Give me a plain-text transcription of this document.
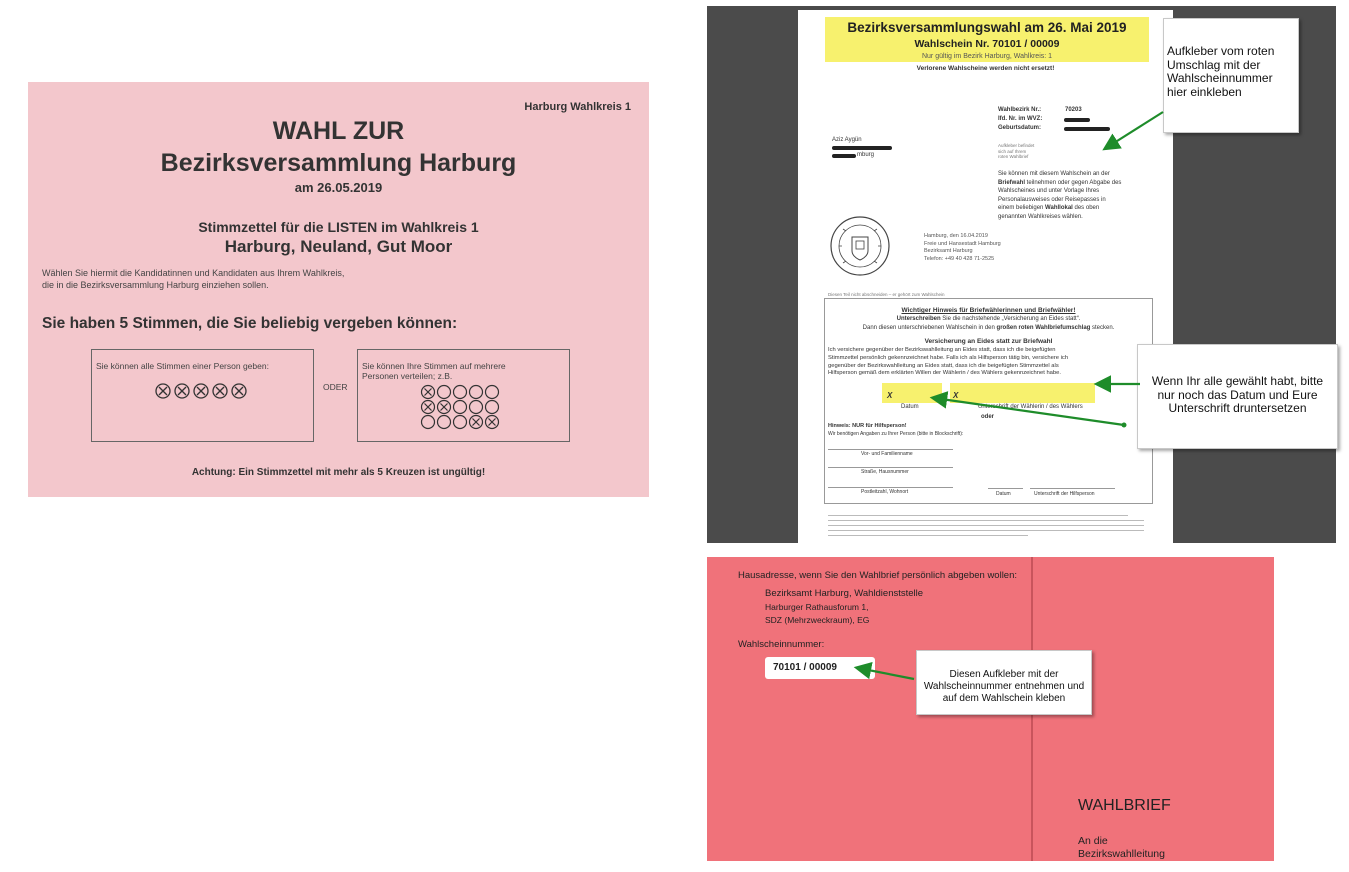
Harburg Wahlkreis 1
WAHL ZUR
Bezirksversammlung Harburg
am 26.05.2019
Stimmzettel für die LISTEN im Wahlkreis 1
Harburg, Neuland, Gut Moor
Wählen Sie hiermit die Kandidatinnen und Kandidaten aus Ihrem Wahlkreis,
die in die Bezirksversammlung Harburg einziehen sollen.
Sie haben 5 Stimmen, die Sie beliebig vergeben können:
Sie können alle Stimmen einer Person geben:
ODER
Sie können Ihre Stimmen auf mehrere
Personen verteilen; z.B.
Achtung: Ein Stimmzettel mit mehr als 5 Kreuzen ist ungültig!
Bezirksversammlungswahl am 26. Mai 2019
Wahlschein Nr. 70101 / 00009
Nur gültig im Bezirk Harburg, Wahlkreis: 1
Verlorene Wahlscheine werden nicht ersetzt!
Wahlbezirk Nr.:	70203
lfd. Nr. im WVZ:
Geburtsdatum:
Aziz Aygün
mburg
Aufkleber befindet
sich auf Ihrem
roten Wahlbrief
Sie können mit diesem Wahlschein an der
Briefwahl teilnehmen oder gegen Abgabe des
Wahlscheines und unter Vorlage Ihres
Personalausweises oder Reisepasses in
einem beliebigen Wahllokal des oben
genannten Wahlkreises wählen.
Hamburg, den 16.04.2019
Freie und Hansestadt Hamburg
Bezirksamt Harburg
Telefon: +49 40 428 71-2525
Diesen Teil nicht abschneiden – er gehört zum Wahlschein
Wichtiger Hinweis für Briefwählerinnen und Briefwähler!
Unterschreiben Sie die nachstehende „Versicherung an Eides statt“.
Dann diesen unterschriebenen Wahlschein in den großen roten Wahlbriefumschlag stecken.
Versicherung an Eides statt zur Briefwahl
Ich versichere gegenüber der Bezirkswahlleitung an Eides statt, dass ich die beigefügten
Stimmzettel persönlich gekennzeichnet habe. Falls ich als Hilfsperson tätig bin, versichere ich
gegenüber der Bezirkswahlleitung an Eides statt, dass ich die beigefügten Stimmzettel als
Hilfsperson gemäß dem erklärten Willen der Wählerin / des Wählers gekennzeichnet habe.
X	X
Datum	Unterschrift der Wählerin / des Wählers
oder
Hinweis: NUR für Hilfsperson!
Wir benötigen Angaben zu Ihrer Person (bitte in Blockschrift):
Vor- und Familienname
Straße, Hausnummer
Postleitzahl, Wohnort	Datum	Unterschrift der Hilfsperson
Aufkleber vom roten Umschlag mit der Wahlscheinnummer hier einkleben
Wenn Ihr alle gewählt habt, bitte nur noch das Datum und Eure Unterschrift druntersetzen
Hausadresse, wenn Sie den Wahlbrief persönlich abgeben wollen:
Bezirksamt Harburg, Wahldienststelle
Harburger Rathausforum 1,
SDZ (Mehrzweckraum), EG
Wahlscheinnummer:
70101 / 00009
Diesen Aufkleber mit der Wahlscheinnummer entnehmen und auf dem Wahlschein kleben
WAHLBRIEF
An die
Bezirkswahlleitung
